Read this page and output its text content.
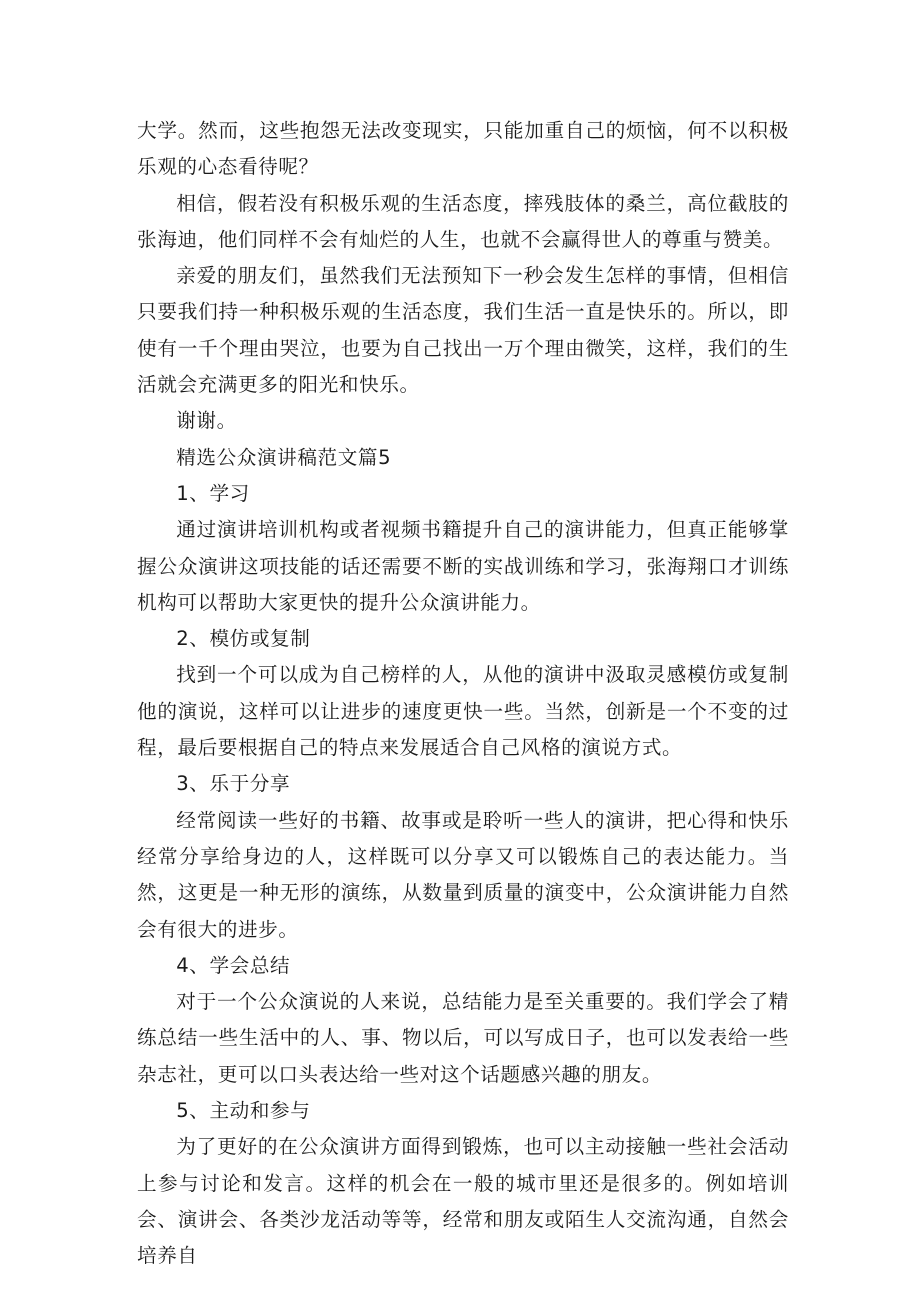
大学。然而，这些抱怨无法改变现实，只能加重自己的烦恼，何不以积极乐观的心态看待呢？

相信，假若没有积极乐观的生活态度，摔残肢体的桑兰，高位截肢的张海迪，他们同样不会有灿烂的人生，也就不会赢得世人的尊重与赞美。

亲爱的朋友们，虽然我们无法预知下一秒会发生怎样的事情，但相信只要我们持一种积极乐观的生活态度，我们生活一直是快乐的。所以，即使有一千个理由哭泣，也要为自己找出一万个理由微笑，这样，我们的生活就会充满更多的阳光和快乐。

谢谢。

精选公众演讲稿范文篇5

1、学习

通过演讲培训机构或者视频书籍提升自己的演讲能力，但真正能够掌握公众演讲这项技能的话还需要不断的实战训练和学习，张海翔口才训练机构可以帮助大家更快的提升公众演讲能力。

2、模仿或复制

找到一个可以成为自己榜样的人，从他的演讲中汲取灵感模仿或复制他的演说，这样可以让进步的速度更快一些。当然，创新是一个不变的过程，最后要根据自己的特点来发展适合自己风格的演说方式。

3、乐于分享

经常阅读一些好的书籍、故事或是聆听一些人的演讲，把心得和快乐经常分享给身边的人，这样既可以分享又可以锻炼自己的表达能力。当然，这更是一种无形的演练，从数量到质量的演变中，公众演讲能力自然会有很大的进步。

4、学会总结

对于一个公众演说的人来说，总结能力是至关重要的。我们学会了精练总结一些生活中的人、事、物以后，可以写成日子，也可以发表给一些杂志社，更可以口头表达给一些对这个话题感兴趣的朋友。

5、主动和参与

为了更好的在公众演讲方面得到锻炼，也可以主动接触一些社会活动上参与讨论和发言。这样的机会在一般的城市里还是很多的。例如培训会、演讲会、各类沙龙活动等等，经常和朋友或陌生人交流沟通，自然会培养自
